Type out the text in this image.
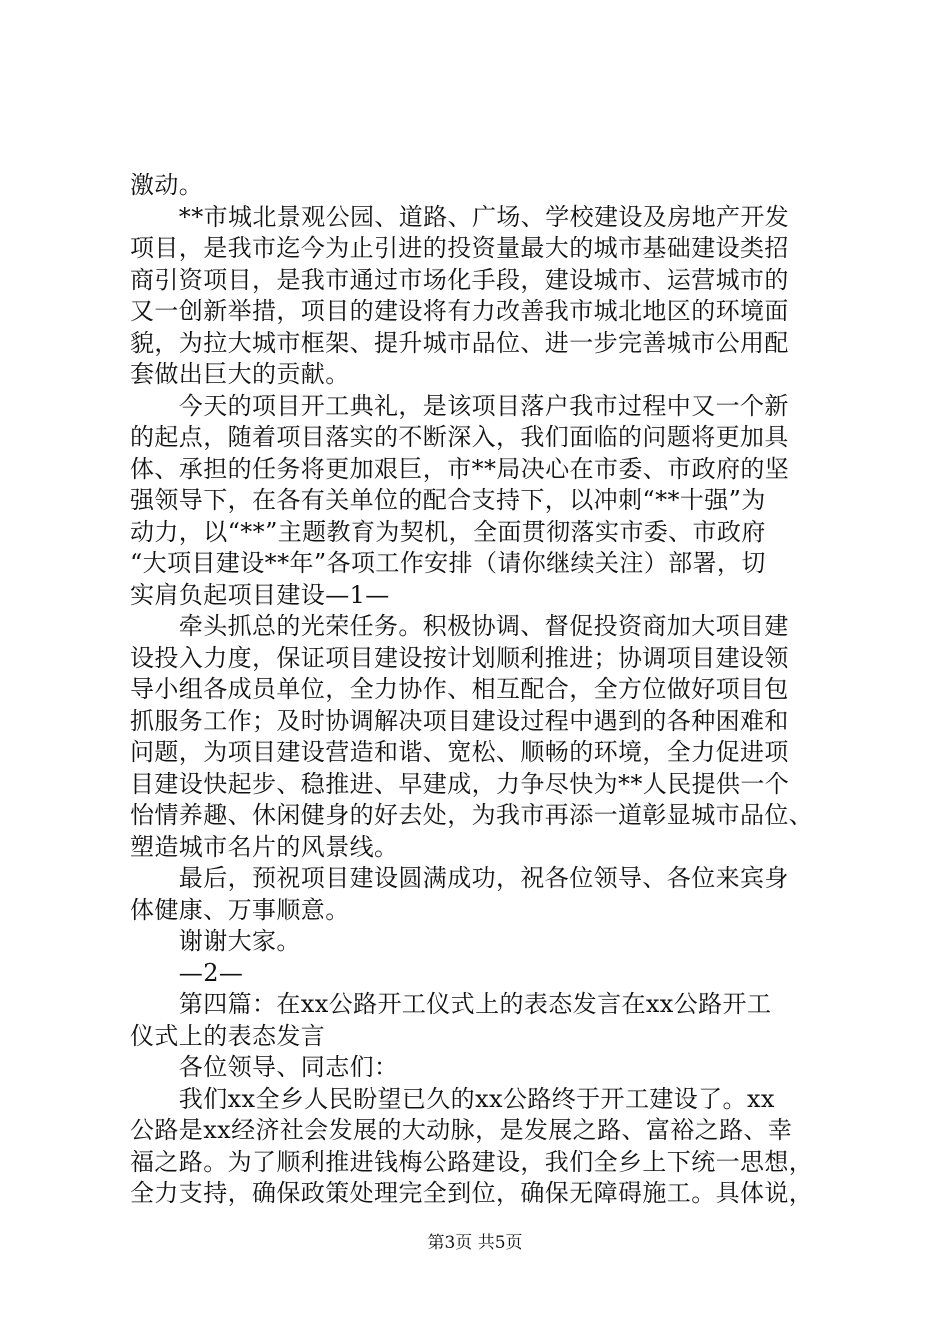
激动。
　　**市城北景观公园、道路、广场、学校建设及房地产开发
项目，是我市迄今为止引进的投资量最大的城市基础建设类招
商引资项目，是我市通过市场化手段，建设城市、运营城市的
又一创新举措，项目的建设将有力改善我市城北地区的环境面
貌，为拉大城市框架、提升城市品位、进一步完善城市公用配
套做出巨大的贡献。
　　今天的项目开工典礼，是该项目落户我市过程中又一个新
的起点，随着项目落实的不断深入，我们面临的问题将更加具
体、承担的任务将更加艰巨，市**局决心在市委、市政府的坚
强领导下，在各有关单位的配合支持下，以冲刺“**十强”为
动力，以“**”主题教育为契机，全面贯彻落实市委、市政府
“大项目建设**年”各项工作安排（请你继续关注）部署，切
实肩负起项目建设—1—
　　牵头抓总的光荣任务。积极协调、督促投资商加大项目建
设投入力度，保证项目建设按计划顺利推进；协调项目建设领
导小组各成员单位，全力协作、相互配合，全方位做好项目包
抓服务工作；及时协调解决项目建设过程中遇到的各种困难和
问题，为项目建设营造和谐、宽松、顺畅的环境，全力促进项
目建设快起步、稳推进、早建成，力争尽快为**人民提供一个
怡情养趣、休闲健身的好去处，为我市再添一道彰显城市品位、
塑造城市名片的风景线。
　　最后，预祝项目建设圆满成功，祝各位领导、各位来宾身
体健康、万事顺意。
　　谢谢大家。
　　—2—
　　第四篇：在xx公路开工仪式上的表态发言在xx公路开工
仪式上的表态发言
　　各位领导、同志们：
　　我们xx全乡人民盼望已久的xx公路终于开工建设了。xx
公路是xx经济社会发展的大动脉，是发展之路、富裕之路、幸
福之路。为了顺利推进钱梅公路建设，我们全乡上下统一思想，
全力支持，确保政策处理完全到位，确保无障碍施工。具体说，
第3页 共5页
